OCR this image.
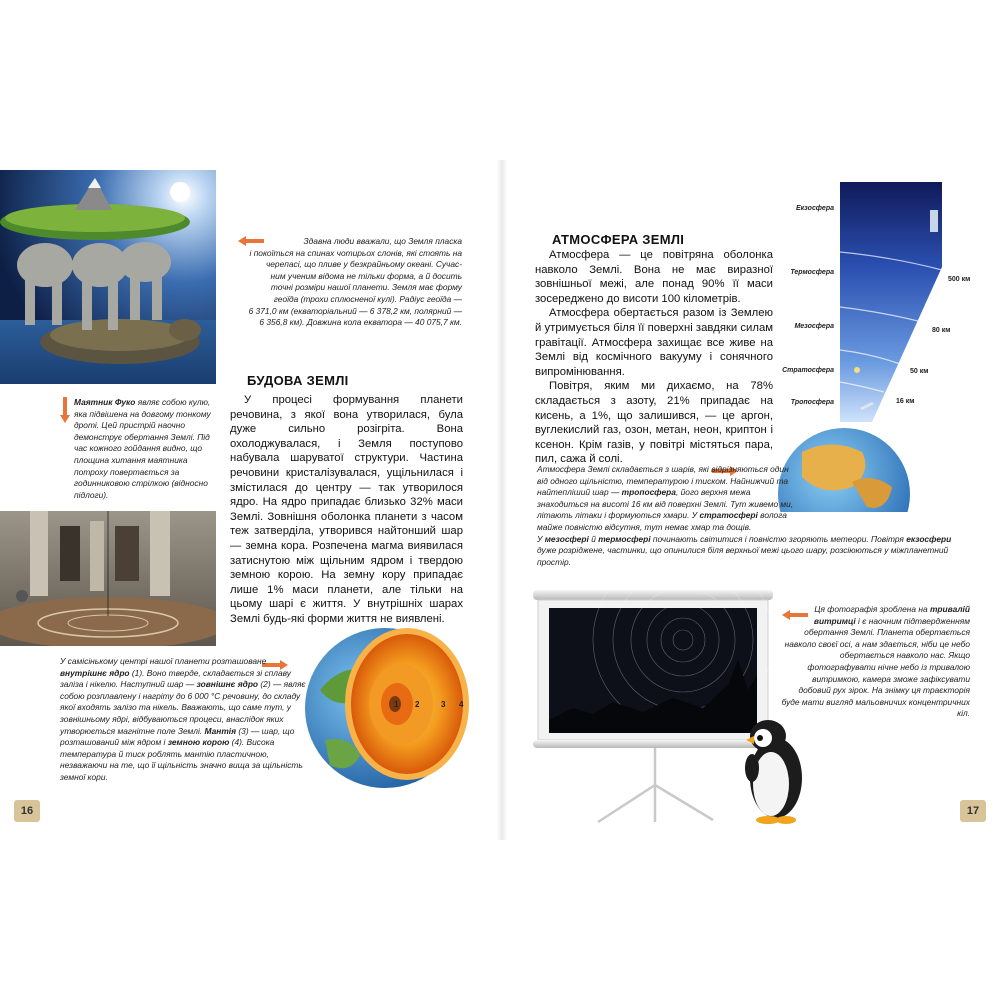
Здавна люди вважали, що Земля пласка

і покоїться на спинах чотирьох слонів, які стоять на

черепасі, що пливе у безкрайньому океані. Сучас-

ним ученим відома не тільки форма, а й досить

точні розміри нашої планети. Земля має форму

геоїда (трохи сплюсненої кулі). Радіус геоїда —

6 371,0 км (екваторіальний — 6 378,2 км, полярний —

6 356,8 км). Довжина кола екватора — 40 075,7 км.

БУДОВА ЗЕМЛІ

У процесі формування планети речовина, з якої вона утворилася, була дуже сильно розігріта. Вона охолоджувалася, і Земля поступово набувала шаруватої структури. Частина речовини кристалізувалася, ущільнилася і змістилася до центру — так утворилося ядро. На ядро припадає близько 32% маси Землі. Зовнішня оболонка планети з часом теж затверділа, утворився найтонший шар — земна кора. Розпечена магма виявилася затиснутою між щільним ядром і твердою земною корою. На земну кору припадає лише 1% маси планети, але тільки на цьому шарі є життя. У внутрішніх шарах Землі будь-які форми життя не виявлені.

Маятник Фуко являє собою кулю, яка підвішена на довгому тонкому дроті. Цей пристрій наочно демонструє обертання Землі. Під час кожного гойдання видно, що площина хитання маятника потроху повертається за годинниковою стрілкою (відносно підлоги).

У самісінькому центрі нашої планети розташоване внутрішнє ядро (1). Воно тверде, складається зі сплаву заліза і нікелю. Наступний шар — зовнішнє ядро (2) — являє собою розплавлену і нагріту до 6 000 °C речовину, до складу якої входять залізо та нікель. Вважають, що саме тут, у зовнішньому ядрі, відбуваються процеси, внаслідок яких утворюється магнітне поле Землі. Мантія (3) — шар, що розташований між ядром і земною корою (4). Висока температура й тиск роблять мантію пластичною, незважаючи на те, що її щільність значно вища за щільність земної кори.

1 2	3 4
16
АТМОСФЕРА ЗЕМЛІ

Атмосфера — це повітряна оболонка навколо Землі. Вона не має виразної зовнішньої межі, але понад 90% її маси зосереджено до висоти 100 кілометрів.

Атмосфера обертається разом із Землею й утримується біля її поверхні завдяки силам гравітації. Атмосфера захищає все живе на Землі від космічного вакууму і сонячного випромінювання.

Повітря, яким ми дихаємо, на 78% складається з азоту, 21% припадає на кисень, а 1%, що залишився, — це аргон, вуглекислий газ, озон, метан, неон, криптон і ксенон. Крім газів, у повітрі містяться пара, пил, сажа й солі.

Екзосфера
Термосфера
Мезосфера
Стратосфера
Тропосфера
500 км
80 км
50 км
16 км

Атмосфера Землі складається з шарів, які відрізняються один від одного щільністю, температурою і тиском. Найнижчий та найтепліший шар — тропосфера, його верхня межа знаходиться на висоті 16 км від поверхні Землі. Тут живемо ми, літають літаки і формуються хмари. У стратосфері волога майже повністю відсутня, тут немає хмар та дощів.

У мезосфері й термосфері починають світитися і повністю згоряють метеори. Повітря екзосфери дуже розріджене, частинки, що опинилися біля верхньої межі цього шару, розсіюються у міжпланетний простір.

Ця фотографія зроблена на тривалій витримці і є наочним підтвердженням обертання Землі. Планета обертається навколо своєї осі, а нам здається, ніби це небо обертається навколо нас. Якщо фотографувати нічне небо із тривалою витримкою, камера зможе зафіксувати добовий рух зірок. На знімку ця траєкторія буде мати вигляд мальовничих концентричних кіл.

17
